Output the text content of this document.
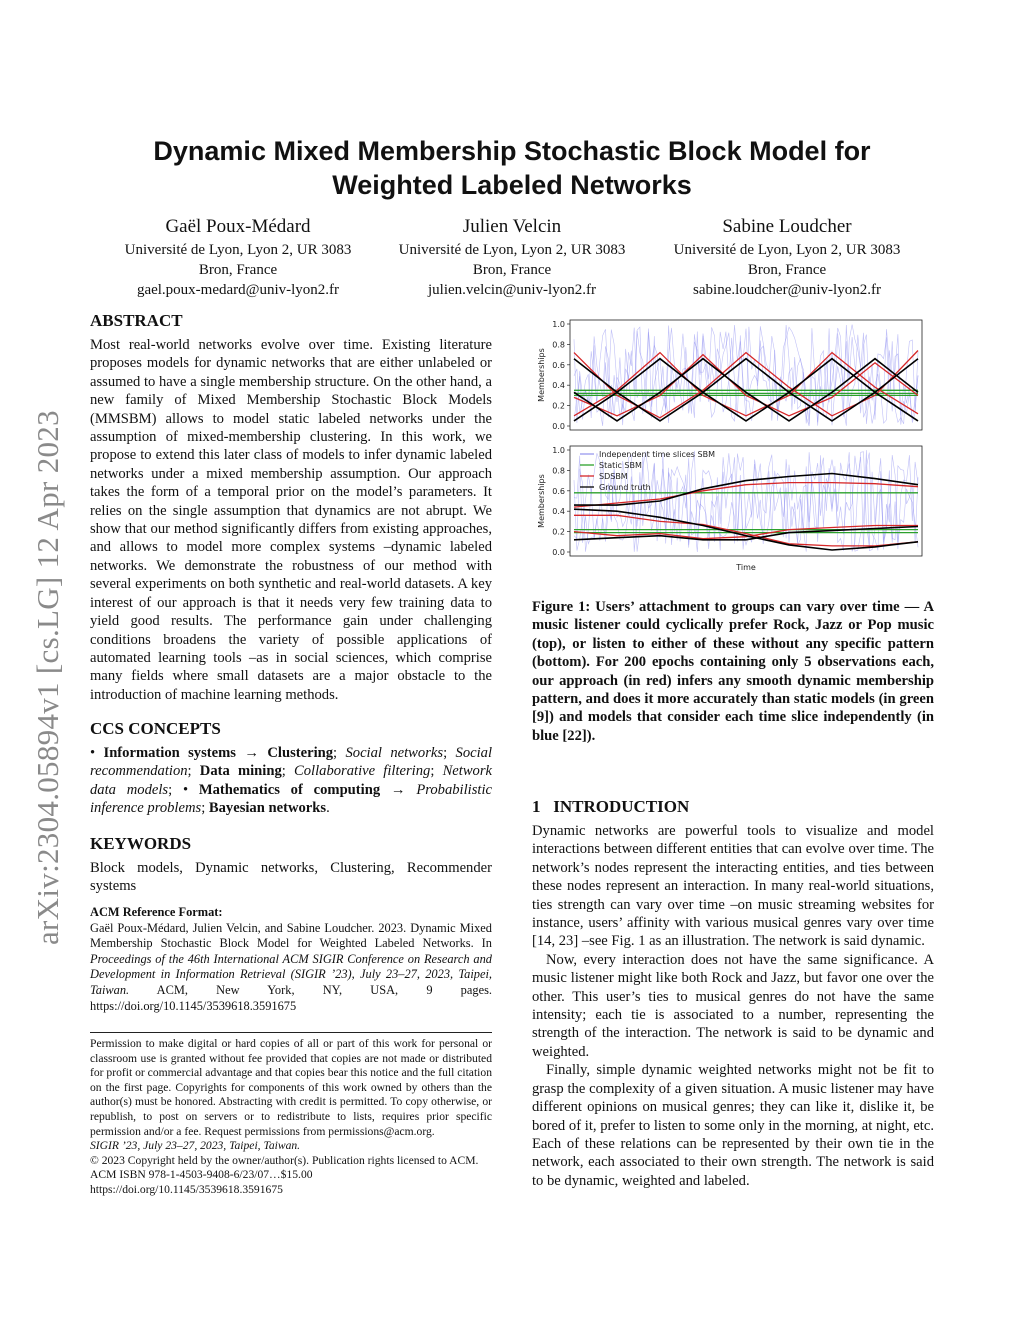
arXiv:2304.05894v1 [cs.LG] 12 Apr 2023
Dynamic Mixed Membership Stochastic Block Model for
Weighted Labeled Networks
Gaël Poux-Médard
Université de Lyon, Lyon 2, UR 3083
Bron, France
gael.poux-medard@univ-lyon2.fr
Julien Velcin
Université de Lyon, Lyon 2, UR 3083
Bron, France
julien.velcin@univ-lyon2.fr
Sabine Loudcher
Université de Lyon, Lyon 2, UR 3083
Bron, France
sabine.loudcher@univ-lyon2.fr
ABSTRACT
Most real-world networks evolve over time. Existing literature proposes models for dynamic networks that are either unlabeled or assumed to have a single membership structure. On the other hand, a new family of Mixed Membership Stochastic Block Models (MMSBM) allows to model static labeled networks under the assumption of mixed-membership clustering. In this work, we propose to extend this later class of models to infer dynamic labeled networks under a mixed membership assumption. Our approach takes the form of a temporal prior on the model’s parameters. It relies on the single assumption that dynamics are not abrupt. We show that our method significantly differs from existing approaches, and allows to model more complex systems –dynamic labeled networks. We demonstrate the robustness of our method with several experiments on both synthetic and real-world datasets. A key interest of our approach is that it needs very few training data to yield good results. The performance gain under challenging conditions broadens the variety of possible applications of automated learning tools –as in social sciences, which comprise many fields where small datasets are a major obstacle to the introduction of machine learning methods.
CCS CONCEPTS
• Information systems → Clustering; Social networks; Social recommendation; Data mining; Collaborative filtering; Network data models; • Mathematics of computing → Probabilistic inference problems; Bayesian networks.
KEYWORDS
Block models, Dynamic networks, Clustering, Recommender systems
ACM Reference Format:
Gaël Poux-Médard, Julien Velcin, and Sabine Loudcher. 2023. Dynamic Mixed Membership Stochastic Block Model for Weighted Labeled Networks. In Proceedings of the 46th International ACM SIGIR Conference on Research and Development in Information Retrieval (SIGIR ’23), July 23–27, 2023, Taipei, Taiwan. ACM, New York, NY, USA, 9 pages. https://doi.org/10.1145/3539618.3591675
Permission to make digital or hard copies of all or part of this work for personal or classroom use is granted without fee provided that copies are not made or distributed for profit or commercial advantage and that copies bear this notice and the full citation on the first page. Copyrights for components of this work owned by others than the author(s) must be honored. Abstracting with credit is permitted. To copy otherwise, or republish, to post on servers or to redistribute to lists, requires prior specific permission and/or a fee. Request permissions from permissions@acm.org.
SIGIR ’23, July 23–27, 2023, Taipei, Taiwan.
© 2023 Copyright held by the owner/author(s). Publication rights licensed to ACM.
ACM ISBN 978-1-4503-9408-6/23/07…$15.00
https://doi.org/10.1145/3539618.3591675
0.0
0.2
0.4
0.6
0.8
1.0
Memberships
0.0
0.2
0.4
0.6
0.8
1.0
Memberships
Time
Independent time slices SBM
Static SBM
SDSBM
Ground truth
Figure 1: Users’ attachment to groups can vary over time — A music listener could cyclically prefer Rock, Jazz or Pop music (top), or listen to either of these without any specific pattern (bottom). For 200 epochs containing only 5 observations each, our approach (in red) infers any smooth dynamic membership pattern, and does it more accurately than static models (in green [9]) and models that consider each time slice independently (in blue [22]).
1 INTRODUCTION

Dynamic networks are powerful tools to visualize and model interactions between different entities that can evolve over time. The network’s nodes represent the interacting entities, and ties between these nodes represent an interaction. In many real-world situations, ties strength can vary over time –on music streaming websites for instance, users’ affinity with various musical genres vary over time [14, 23] –see Fig. 1 as an illustration. The network is said dynamic.

Now, every interaction does not have the same significance. A music listener might like both Rock and Jazz, but favor one over the other. This user’s ties to musical genres do not have the same intensity; each tie is associated to a number, representing the strength of the interaction. The network is said to be dynamic and weighted.

Finally, simple dynamic weighted networks might not be fit to grasp the complexity of a given situation. A music listener may have different opinions on musical genres; they can like it, dislike it, be bored of it, prefer to listen to some only in the morning, at night, etc. Each of these relations can be represented by their own tie in the network, each associated to their own strength. The network is said to be dynamic, weighted and labeled.
